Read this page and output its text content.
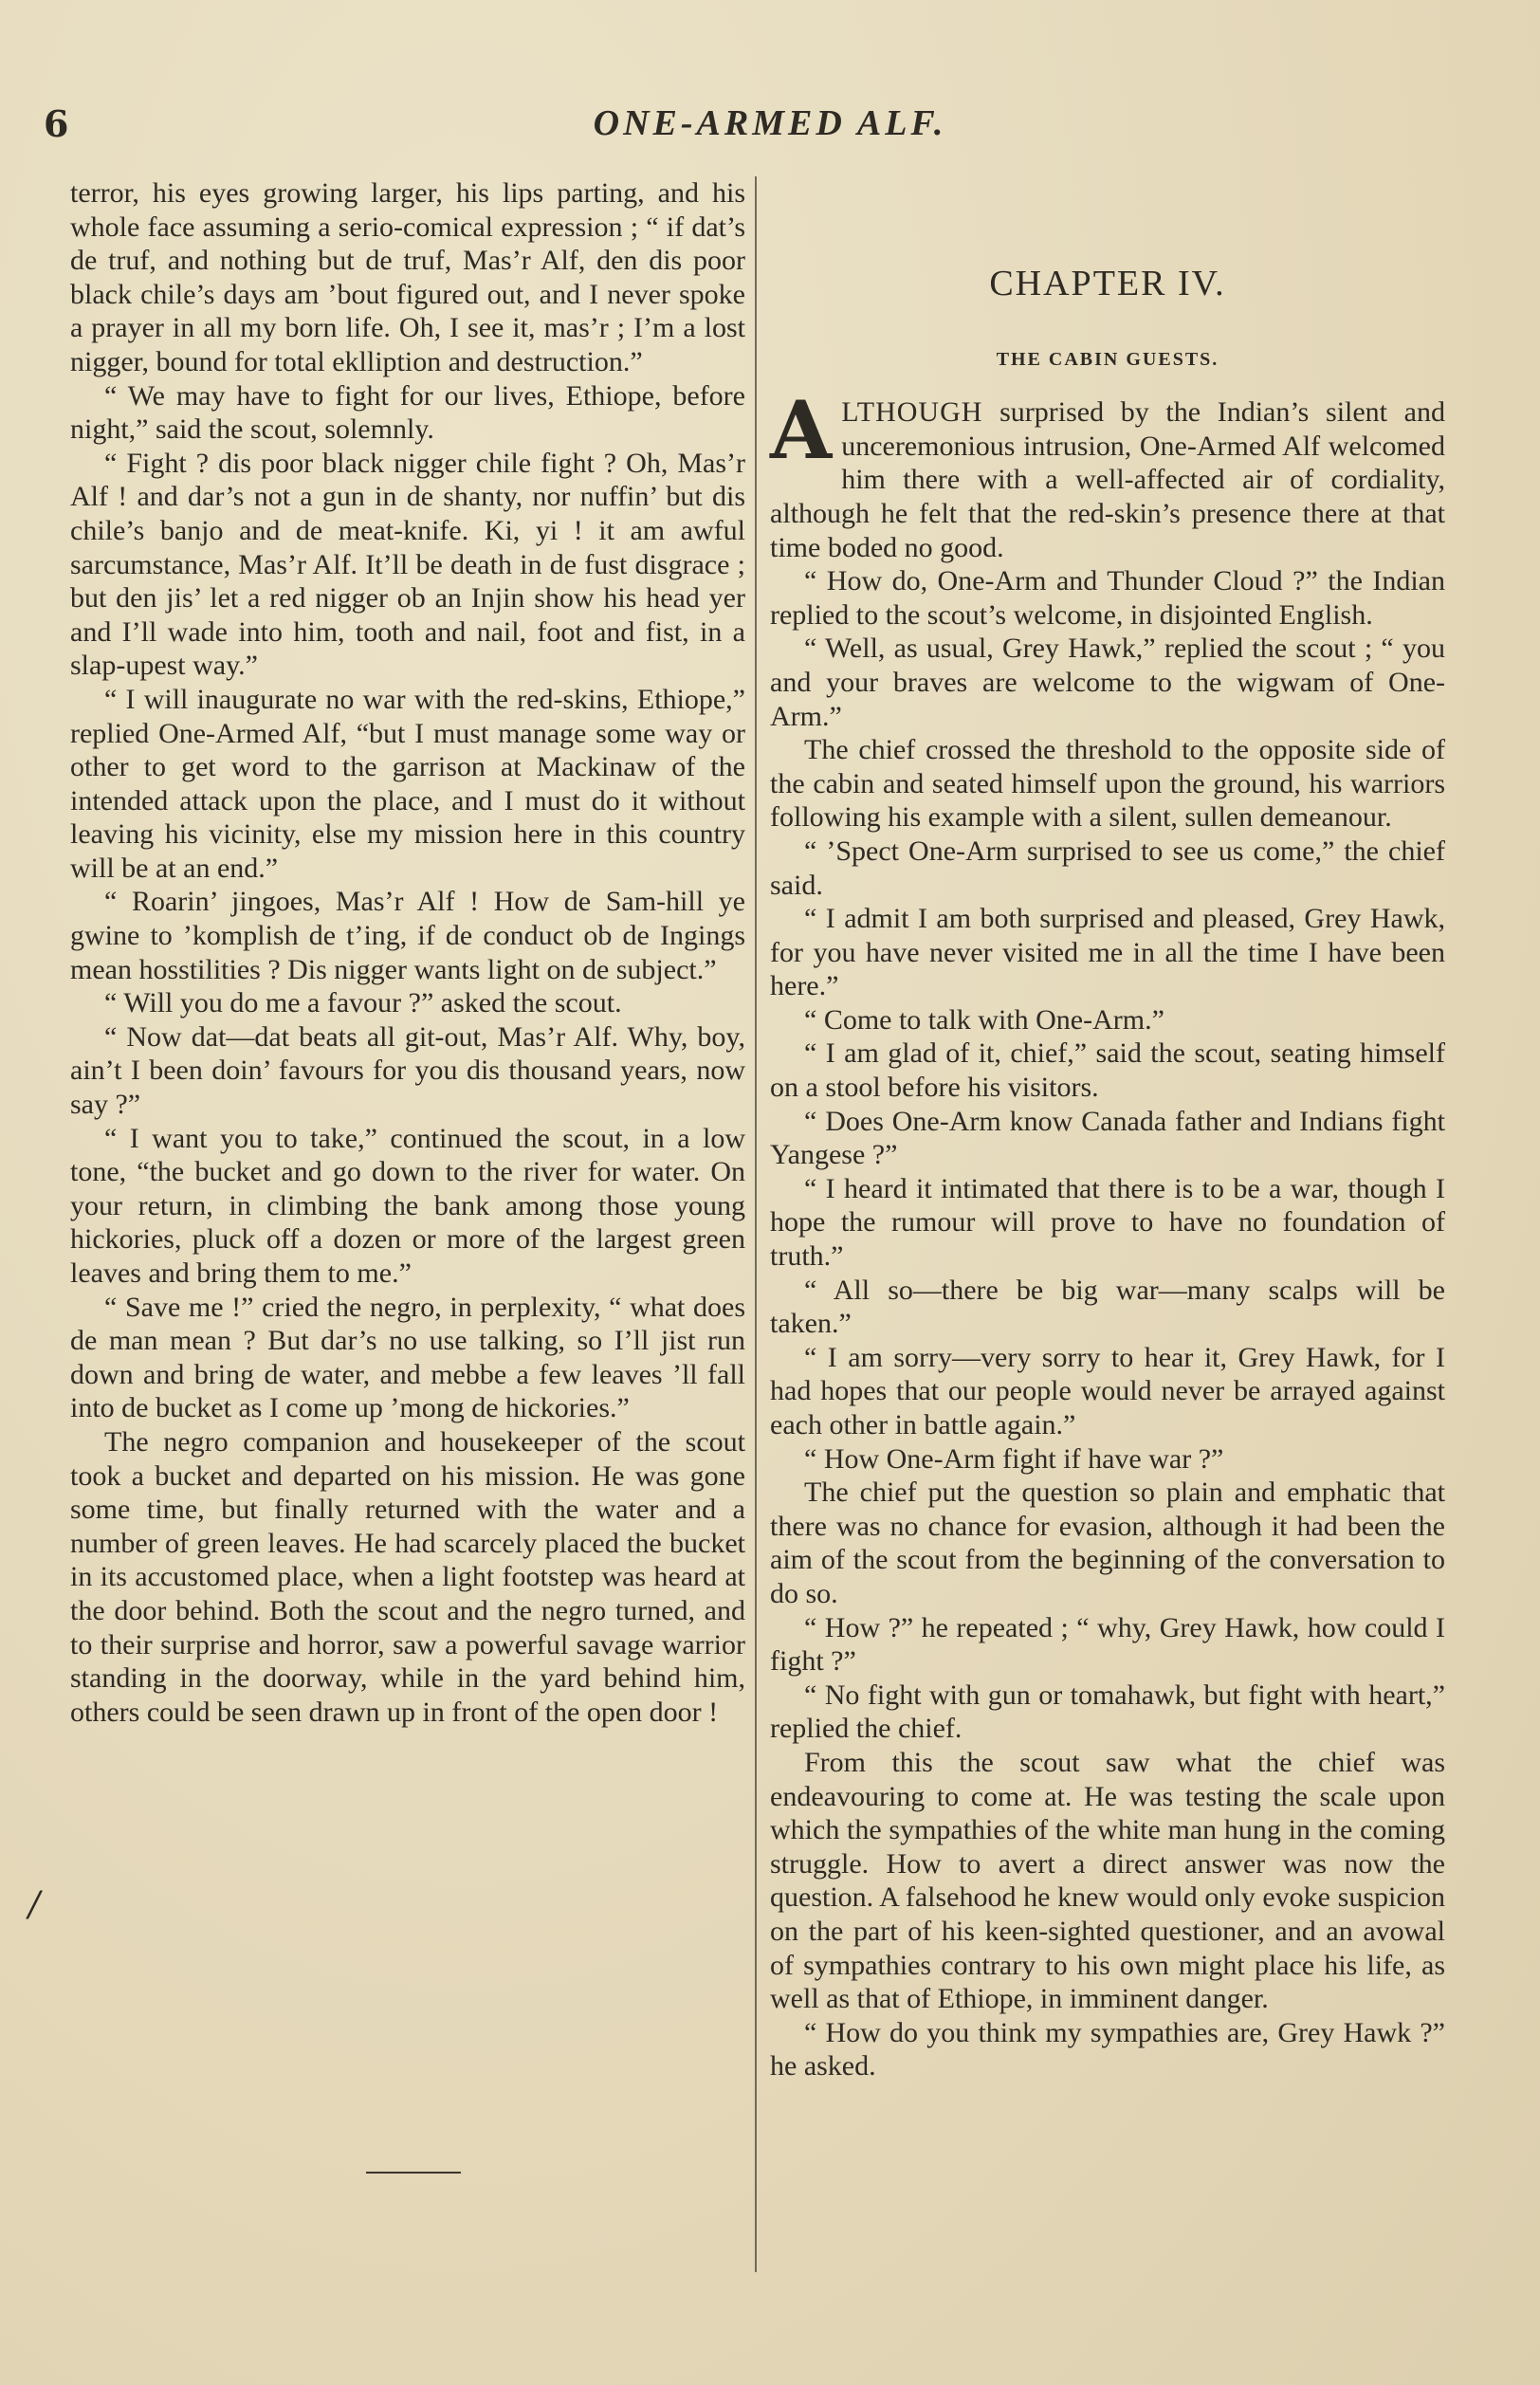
6	ONE-ARMED ALF.
/

terror, his eyes growing larger, his lips parting, and his whole face assuming a serio-comical expression ; “ if dat’s de truf, and nothing but de truf, Mas’r Alf, den dis poor black chile’s days am ’bout figured out, and I never spoke a prayer in all my born life. Oh, I see it, mas’r ; I’m a lost nigger, bound for total eklliption and destruction.”

“ We may have to fight for our lives, Ethiope, before night,” said the scout, solemnly.

“ Fight ? dis poor black nigger chile fight ? Oh, Mas’r Alf ! and dar’s not a gun in de shanty, nor nuffin’ but dis chile’s banjo and de meat-knife. Ki, yi ! it am awful sarcumstance, Mas’r Alf. It’ll be death in de fust disgrace ; but den jis’ let a red nigger ob an Injin show his head yer and I’ll wade into him, tooth and nail, foot and fist, in a slap-upest way.”

“ I will inaugurate no war with the red-skins, Ethiope,” replied One-Armed Alf, “but I must manage some way or other to get word to the garrison at Mackinaw of the intended attack upon the place, and I must do it without leaving his vicinity, else my mission here in this country will be at an end.”

“ Roarin’ jingoes, Mas’r Alf ! How de Sam-hill ye gwine to ’komplish de t’ing, if de conduct ob de Ingings mean hosstilities ? Dis nigger wants light on de subject.”

“ Will you do me a favour ?” asked the scout.

“ Now dat—dat beats all git-out, Mas’r Alf. Why, boy, ain’t I been doin’ favours for you dis thousand years, now say ?”

“ I want you to take,” continued the scout, in a low tone, “the bucket and go down to the river for water. On your return, in climbing the bank among those young hickories, pluck off a dozen or more of the largest green leaves and bring them to me.”

“ Save me !” cried the negro, in perplexity, “ what does de man mean ? But dar’s no use talking, so I’ll jist run down and bring de water, and mebbe a few leaves ’ll fall into de bucket as I come up ’mong de hickories.”

The negro companion and housekeeper of the scout took a bucket and departed on his mission. He was gone some time, but finally returned with the water and a number of green leaves. He had scarcely placed the bucket in its accustomed place, when a light footstep was heard at the door behind. Both the scout and the negro turned, and to their surprise and horror, saw a powerful savage warrior standing in the doorway, while in the yard behind him, others could be seen drawn up in front of the open door !

CHAPTER IV.
THE CABIN GUESTS.

ALTHOUGH surprised by the Indian’s silent and unceremonious intrusion, One-Armed Alf welcomed him there with a well-affected air of cordiality, although he felt that the red-skin’s presence there at that time boded no good.

“ How do, One-Arm and Thunder Cloud ?” the Indian replied to the scout’s welcome, in disjointed English.

“ Well, as usual, Grey Hawk,” replied the scout ; “ you and your braves are welcome to the wigwam of One-Arm.”

The chief crossed the threshold to the opposite side of the cabin and seated himself upon the ground, his warriors following his example with a silent, sullen demeanour.

“ ’Spect One-Arm surprised to see us come,” the chief said.

“ I admit I am both surprised and pleased, Grey Hawk, for you have never visited me in all the time I have been here.”

“ Come to talk with One-Arm.”

“ I am glad of it, chief,” said the scout, seating himself on a stool before his visitors.

“ Does One-Arm know Canada father and Indians fight Yangese ?”

“ I heard it intimated that there is to be a war, though I hope the rumour will prove to have no foundation of truth.”

“ All so—there be big war—many scalps will be taken.”

“ I am sorry—very sorry to hear it, Grey Hawk, for I had hopes that our people would never be arrayed against each other in battle again.”

“ How One-Arm fight if have war ?”

The chief put the question so plain and emphatic that there was no chance for evasion, although it had been the aim of the scout from the beginning of the conversation to do so.

“ How ?” he repeated ; “ why, Grey Hawk, how could I fight ?”

“ No fight with gun or tomahawk, but fight with heart,” replied the chief.

From this the scout saw what the chief was endeavouring to come at. He was testing the scale upon which the sympathies of the white man hung in the coming struggle. How to avert a direct answer was now the question. A falsehood he knew would only evoke suspicion on the part of his keen-sighted questioner, and an avowal of sympathies contrary to his own might place his life, as well as that of Ethiope, in imminent danger.

“ How do you think my sympathies are, Grey Hawk ?” he asked.
